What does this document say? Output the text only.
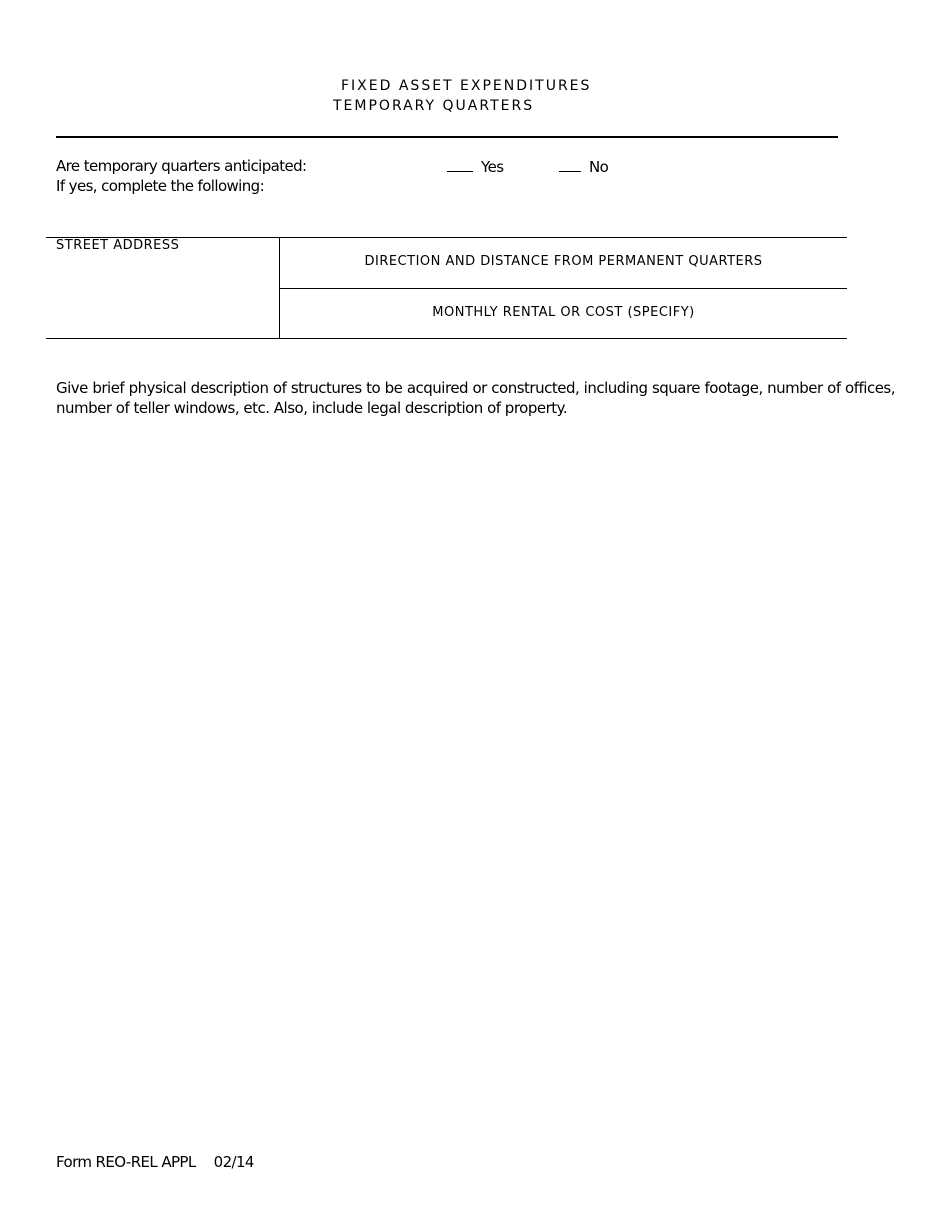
FIXED ASSET EXPENDITURES
TEMPORARY QUARTERS
Are temporary quarters anticipated:
If yes, complete the following:
Yes	No
STREET ADDRESS
DIRECTION AND DISTANCE FROM PERMANENT QUARTERS
MONTHLY RENTAL OR COST (SPECIFY)
Give brief physical description of structures to be acquired or constructed, including square footage, number of offices, number of teller windows, etc. Also, include legal description of property.
Form REO-REL APPL 02/14
